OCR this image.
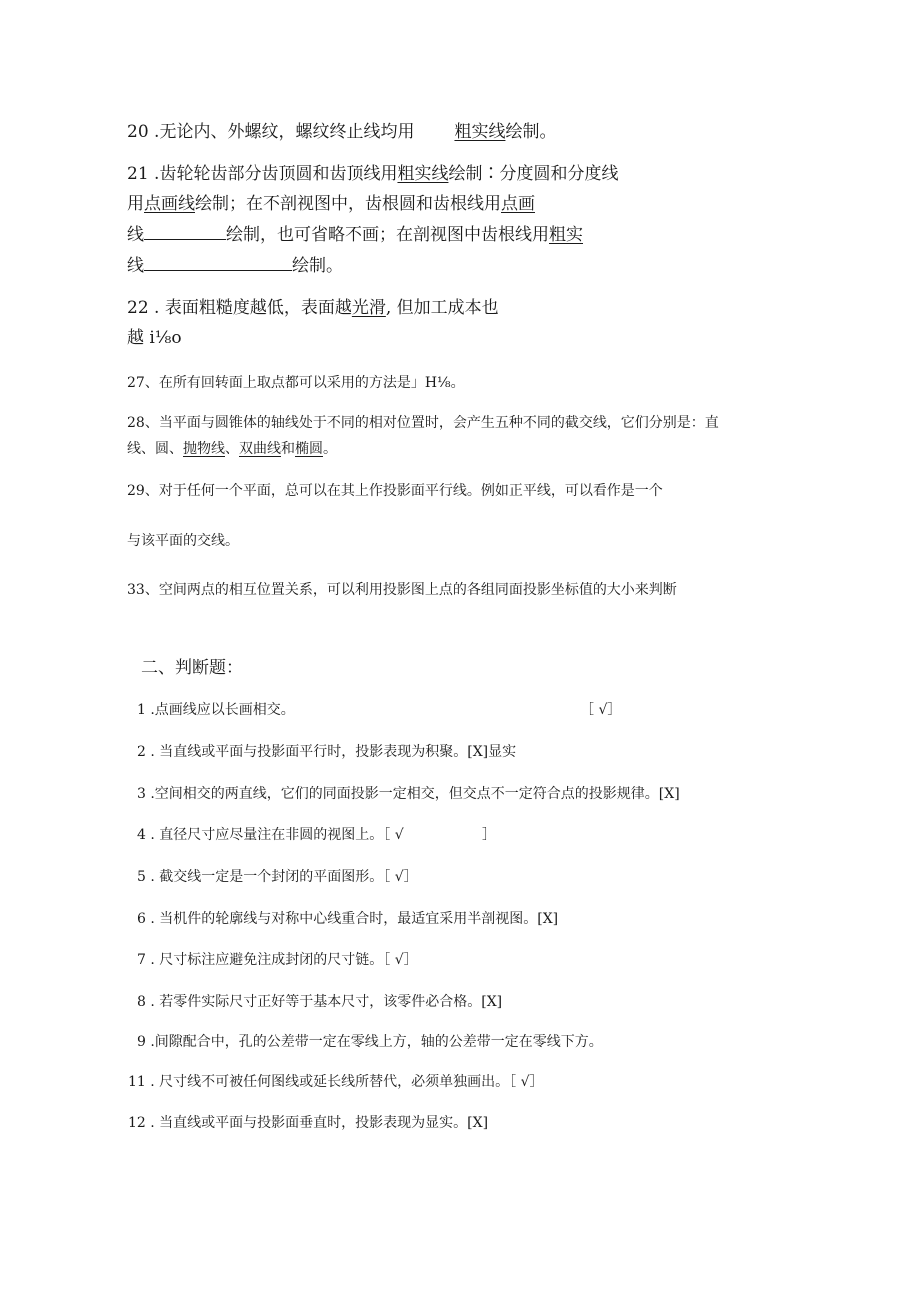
20 .无论内、外螺纹，螺纹终止线均用 粗实线绘制。
21 .齿轮轮齿部分齿顶圆和齿顶线用粗实线绘制∶分度圆和分度线
用点画线绘制；在不剖视图中，齿根圆和齿根线用点画
线	绘制，也可省略不画；在剖视图中齿根线用粗实
线	绘制。
22 . 表面粗糙度越低，表面越光滑, 但加工成本也
越 i⅛o
27、在所有回转面上取点都可以采用的方法是」H⅛。
28、当平面与圆锥体的轴线处于不同的相对位置时，会产生五种不同的截交线，它们分别是：直
线、圆、抛物线、双曲线和椭圆。
29、对于任何一个平面，总可以在其上作投影面平行线。例如正平线，可以看作是一个
与该平面的交线。
33、空间两点的相互位置关系，可以利用投影图上点的各组同面投影坐标值的大小来判断
二、判断题：
1 .点画线应以长画相交。	［ √］
2 . 当直线或平面与投影面平行时，投影表现为积聚。[X]显实
3 .空间相交的两直线，它们的同面投影一定相交，但交点不一定符合点的投影规律。[X]
4 . 直径尺寸应尽量注在非圆的视图上。［ √	］
5 . 截交线一定是一个封闭的平面图形。［ √］
6 . 当机件的轮廓线与对称中心线重合时，最适宜采用半剖视图。[X]
7 . 尺寸标注应避免注成封闭的尺寸链。［ √］
8 . 若零件实际尺寸正好等于基本尺寸，该零件必合格。[X]
9 .间隙配合中，孔的公差带一定在零线上方，轴的公差带一定在零线下方。
11 . 尺寸线不可被任何图线或延长线所替代，必须单独画出。［ √］
12 . 当直线或平面与投影面垂直时，投影表现为显实。[X]
